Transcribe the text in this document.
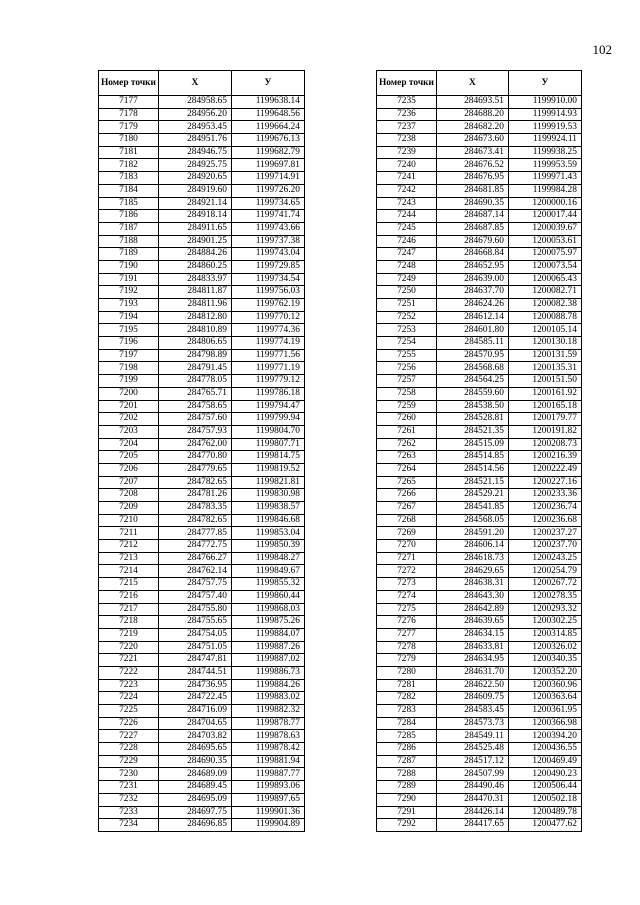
102
Номер точки	X	У
7177	284958.65	1199638.14
7178	284956.20	1199648.56
7179	284953.45	1199664.24
7180	284951.76	1199676.13
7181	284946.75	1199682.79
7182	284925.75	1199697.81
7183	284920.65	1199714.91
7184	284919.60	1199726.20
7185	284921.14	1199734.65
7186	284918.14	1199741.74
7187	284911.65	1199743.66
7188	284901.25	1199737.38
7189	284884.26	1199743.04
7190	284860.25	1199729.85
7191	284833.97	1199734.54
7192	284811.87	1199756.03
7193	284811.96	1199762.19
7194	284812.80	1199770.12
7195	284810.89	1199774.36
7196	284806.65	1199774.19
7197	284798.89	1199771.56
7198	284791.45	1199771.19
7199	284778.05	1199779.12
7200	284765.71	1199786.18
7201	284758.65	1199794.47
7202	284757.60	1199799.94
7203	284757.93	1199804.70
7204	284762.00	1199807.71
7205	284770.80	1199814.75
7206	284779.65	1199819.52
7207	284782.65	1199821.81
7208	284781.26	1199830.98
7209	284783.35	1199838.57
7210	284782.65	1199846.68
7211	284777.85	1199853.04
7212	284772.75	1199850.39
7213	284766.27	1199848.27
7214	284762.14	1199849.67
7215	284757.75	1199855.32
7216	284757.40	1199860.44
7217	284755.80	1199868.03
7218	284755.65	1199875.26
7219	284754.05	1199884.07
7220	284751.05	1199887.26
7221	284747.81	1199887.02
7222	284744.51	1199886.73
7223	284736.95	1199884.26
7224	284722.45	1199883.02
7225	284716.09	1199882.32
7226	284704.65	1199878.77
7227	284703.82	1199878.63
7228	284695.65	1199878.42
7229	284690.35	1199881.94
7230	284689.09	1199887.77
7231	284689.45	1199893.06
7232	284695.09	1199897.65
7233	284697.75	1199901.36
7234	284696.85	1199904.89
Номер точки	X	У
7235	284693.51	1199910.00
7236	284688.20	1199914.93
7237	284682.20	1199919.53
7238	284673.60	1199924.11
7239	284673.41	1199938.25
7240	284676.52	1199953.59
7241	284676.95	1199971.43
7242	284681.85	1199984.28
7243	284690.35	1200000.16
7244	284687.14	1200017.44
7245	284687.85	1200039.67
7246	284679.60	1200053.61
7247	284668.84	1200075.97
7248	284652.95	1200073.54
7249	284639.00	1200065.43
7250	284637.70	1200082.71
7251	284624.26	1200082.38
7252	284612.14	1200088.78
7253	284601.80	1200105.14
7254	284585.11	1200130.18
7255	284570.95	1200131.59
7256	284568.68	1200135.31
7257	284564.25	1200151.50
7258	284559.60	1200161.92
7259	284538.50	1200165.18
7260	284528.81	1200179.77
7261	284521.35	1200191.82
7262	284515.09	1200208.73
7263	284514.85	1200216.39
7264	284514.56	1200222.49
7265	284521.15	1200227.16
7266	284529.21	1200233.36
7267	284541.85	1200236.74
7268	284568.05	1200236.68
7269	284591.20	1200237.27
7270	284606.14	1200237.70
7271	284618.73	1200243.25
7272	284629.65	1200254.79
7273	284638.31	1200267.72
7274	284643.30	1200278.35
7275	284642.89	1200293.32
7276	284639.65	1200302.25
7277	284634.15	1200314.85
7278	284633.81	1200326.02
7279	284634.95	1200340.35
7280	284631.70	1200352.20
7281	284622.50	1200360.96
7282	284609.75	1200363.64
7283	284583.45	1200361.95
7284	284573.73	1200366.98
7285	284549.11	1200394.20
7286	284525.48	1200436.55
7287	284517.12	1200469.49
7288	284507.99	1200490.23
7289	284490.46	1200506.44
7290	284470.31	1200502.18
7291	284426.14	1200489.78
7292	284417.65	1200477.62
